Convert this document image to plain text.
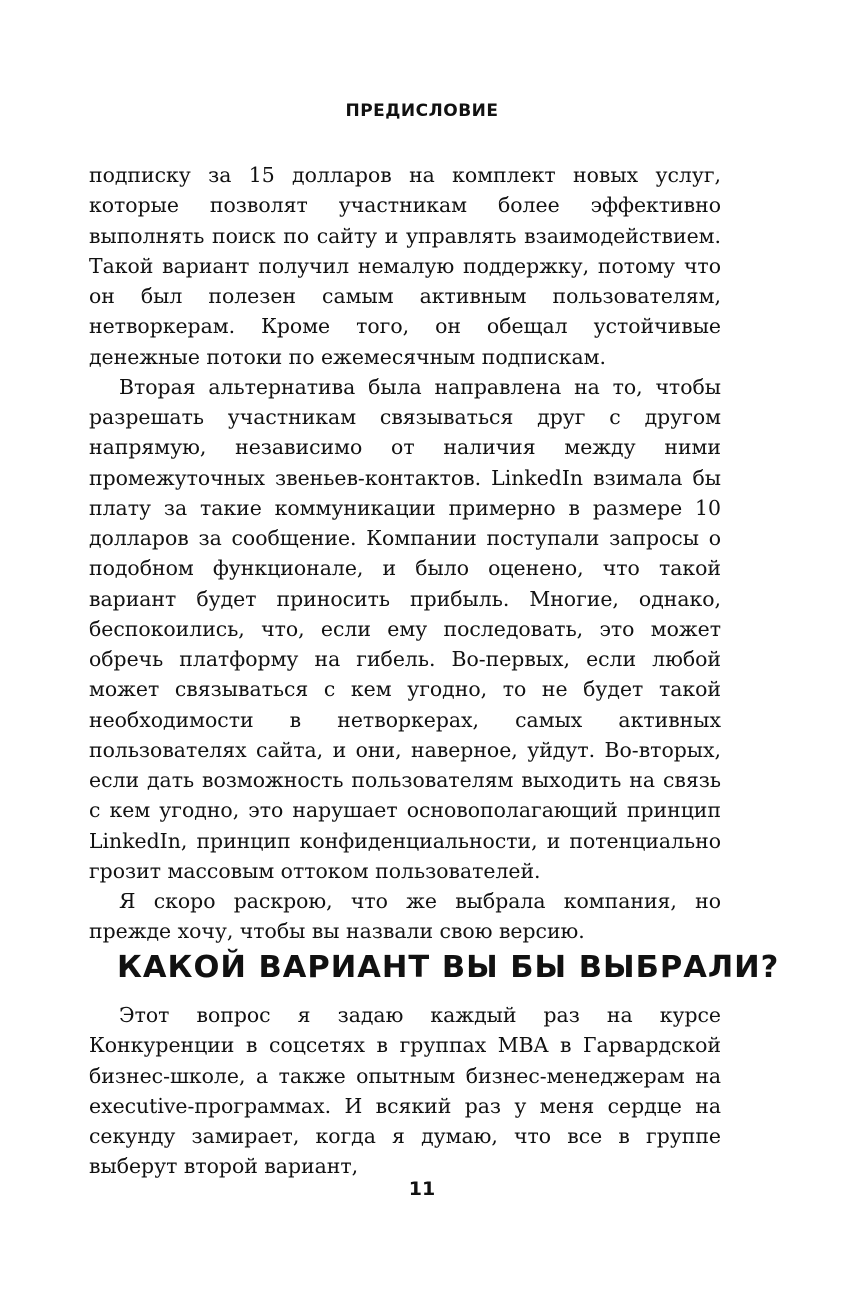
ПРЕДИСЛОВИЕ

подписку за 15 долларов на комплект новых услуг, которые позволят участникам более эффективно выполнять поиск по сайту и управлять взаимодействием. Такой вариант получил немалую поддержку, потому что он был полезен самым активным пользователям, нетворкерам. Кроме того, он обещал устойчивые денежные потоки по ежемесячным подпискам.

Вторая альтернатива была направлена на то, чтобы разрешать участникам связываться друг с другом напрямую, независимо от наличия между ними промежуточных звеньев-контактов. LinkedIn взимала бы плату за такие коммуникации примерно в размере 10 долларов за сообщение. Компании поступали запросы о подобном функционале, и было оценено, что такой вариант будет приносить прибыль. Многие, однако, беспокоились, что, если ему последовать, это может обречь платформу на гибель. Во-первых, если любой может связываться с кем угодно, то не будет такой необходимости в нетворкерах, самых активных пользователях сайта, и они, наверное, уйдут. Во-вторых, если дать возможность пользователям выходить на связь с кем угодно, это нарушает основополагающий принцип LinkedIn, принцип конфиденциальности, и потенциально грозит массовым оттоком пользователей.

Я скоро раскрою, что же выбрала компания, но прежде хочу, чтобы вы назвали свою версию.

КАКОЙ ВАРИАНТ ВЫ БЫ ВЫБРАЛИ?

Этот вопрос я задаю каждый раз на курсе Конкуренции в соцсетях в группах MBA в Гарвардской бизнес-школе, а также опытным бизнес-менеджерам на executive-программах. И всякий раз у меня сердце на секунду замирает, когда я думаю, что все в группе выберут второй вариант,

11
